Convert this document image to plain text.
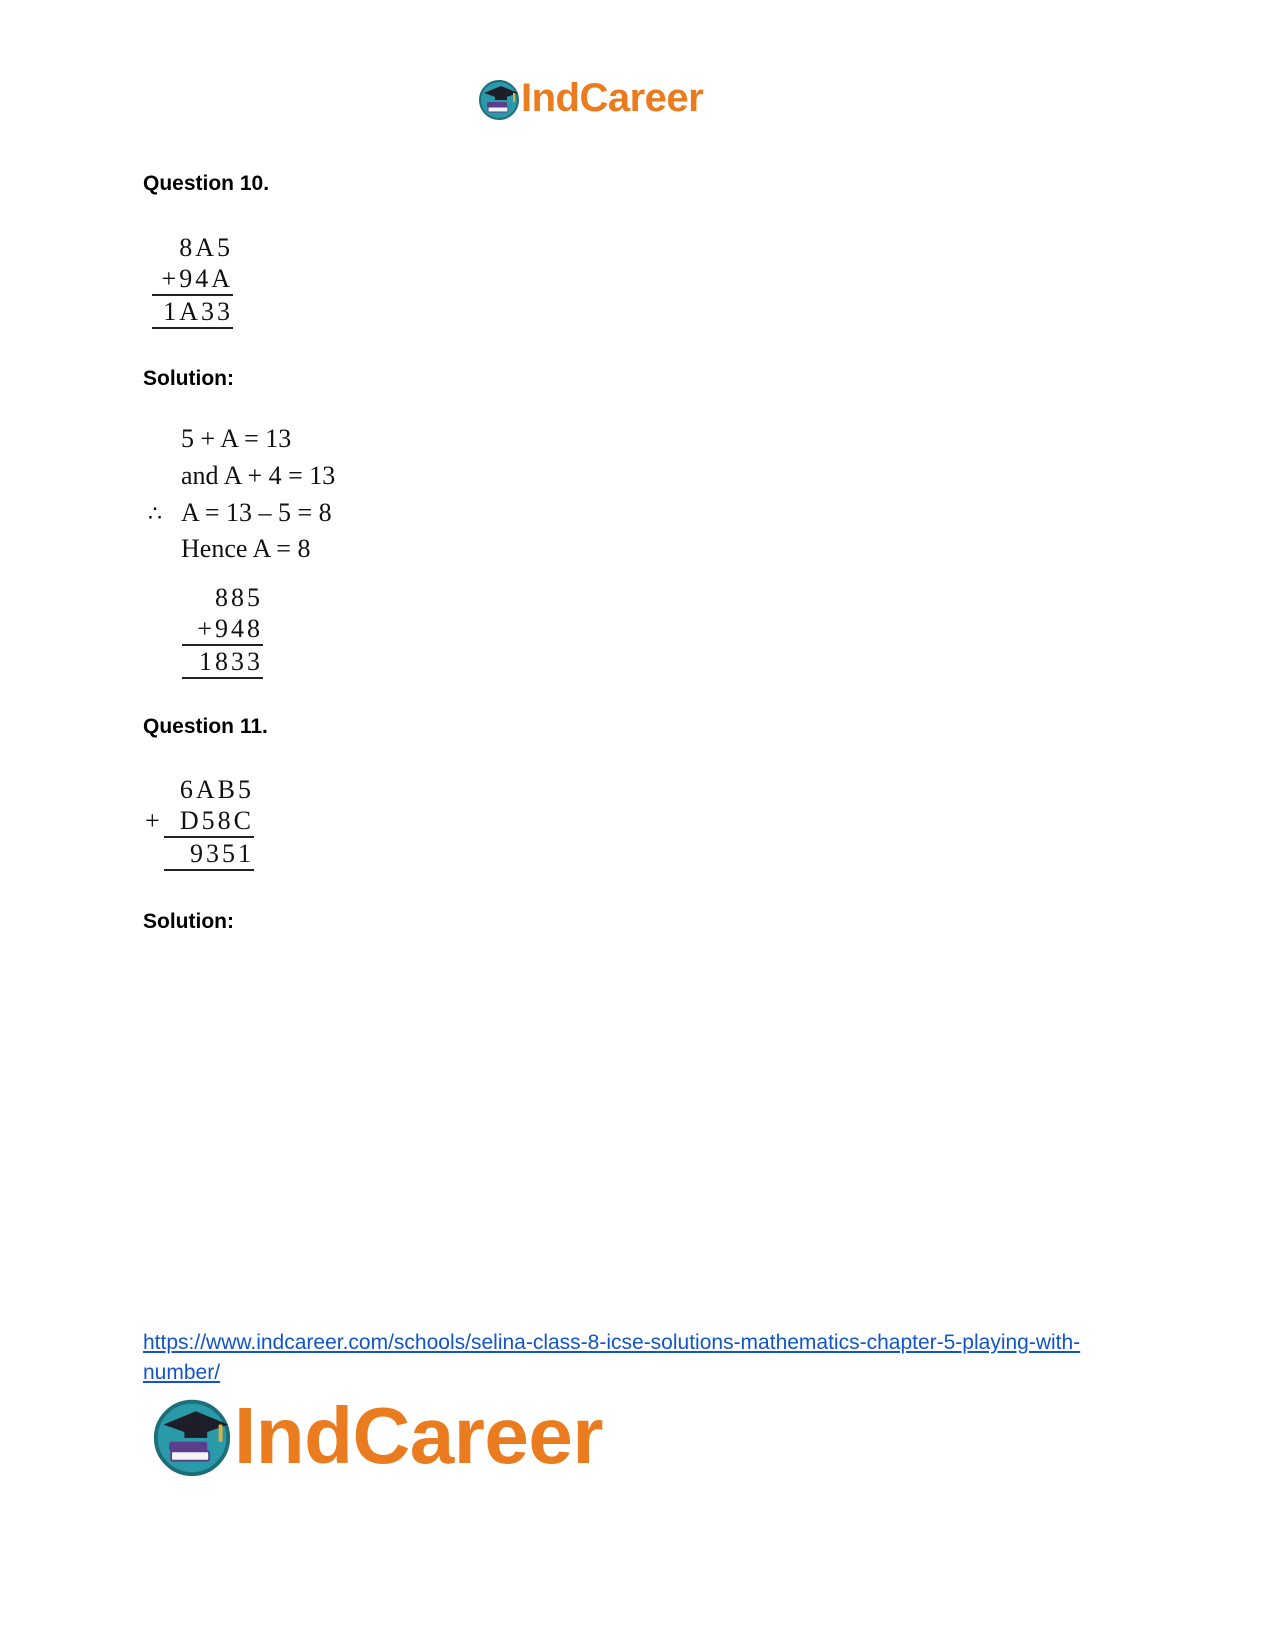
IndCareer

Question 10.

8A5
+94A
1A33

Solution:

5 + A = 13
and A + 4 = 13
∴ A = 13 – 5 = 8
Hence A = 8
885
+948
1833

Question 11.

6AB5
D58C
9351
+

Solution:

https://www.indcareer.com/schools/selina-class-8-icse-solutions-mathematics-chapter-5-playing-with-number/
IndCareer
